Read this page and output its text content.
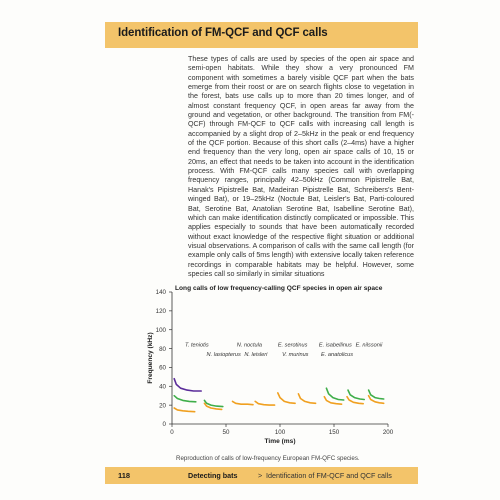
Identification of FM-QCF and QCF calls
These types of calls are used by species of the open air space and semi-open habitats. While they show a very pronounced FM component with sometimes a barely visible QCF part when the bats emerge from their roost or are on search flights close to vegetation in the forest, bats use calls up to more than 20 times longer, and of almost constant frequency QCF, in open areas far away from the ground and vegetation, or other background. The transition from FM(-QCF) through FM-QCF to QCF calls with increasing call length is accompanied by a slight drop of 2–5kHz in the peak or end frequency of the QCF portion. Because of this short calls (2–4ms) have a higher end frequency than the very long, open air space calls of 10, 15 or 20ms, an effect that needs to be taken into account in the identification process. With FM-QCF calls many species call with overlapping frequency ranges, principally 42–50kHz (Common Pipistrelle Bat, Hanak's Pipistrelle Bat, Madeiran Pipistrelle Bat, Schreibers's Bent-winged Bat), or 19–25kHz (Noctule Bat, Leisler's Bat, Parti-coloured Bat, Serotine Bat, Anatolian Serotine Bat, Isabelline Serotine Bat), which can make identification distinctly complicated or impossible. This applies especially to sounds that have been automatically recorded without exact knowledge of the respective flight situation or additional visual observations. A comparison of calls with the same call length (for example only calls of 5ms length) with extensive locally taken reference recordings in comparable habitats may be helpful. However, some species call so similarly in similar situations
0
20
40
60
80
100
120
140
0	50	100	150	200
Long calls of low frequency-calling QCF species in open air space
Time (ms)
Frequency (kHz)	T. teniotis
N. lasiopterus
N. noctula
N. leisleri
E. serotinus
V. murinus
E. isabellinus
E. anatolicus
E. nilssonii
Reproduction of calls of low-frequency European FM-QFC species.
118	Detecting bats	> Identification of FM-QCF and QCF calls
